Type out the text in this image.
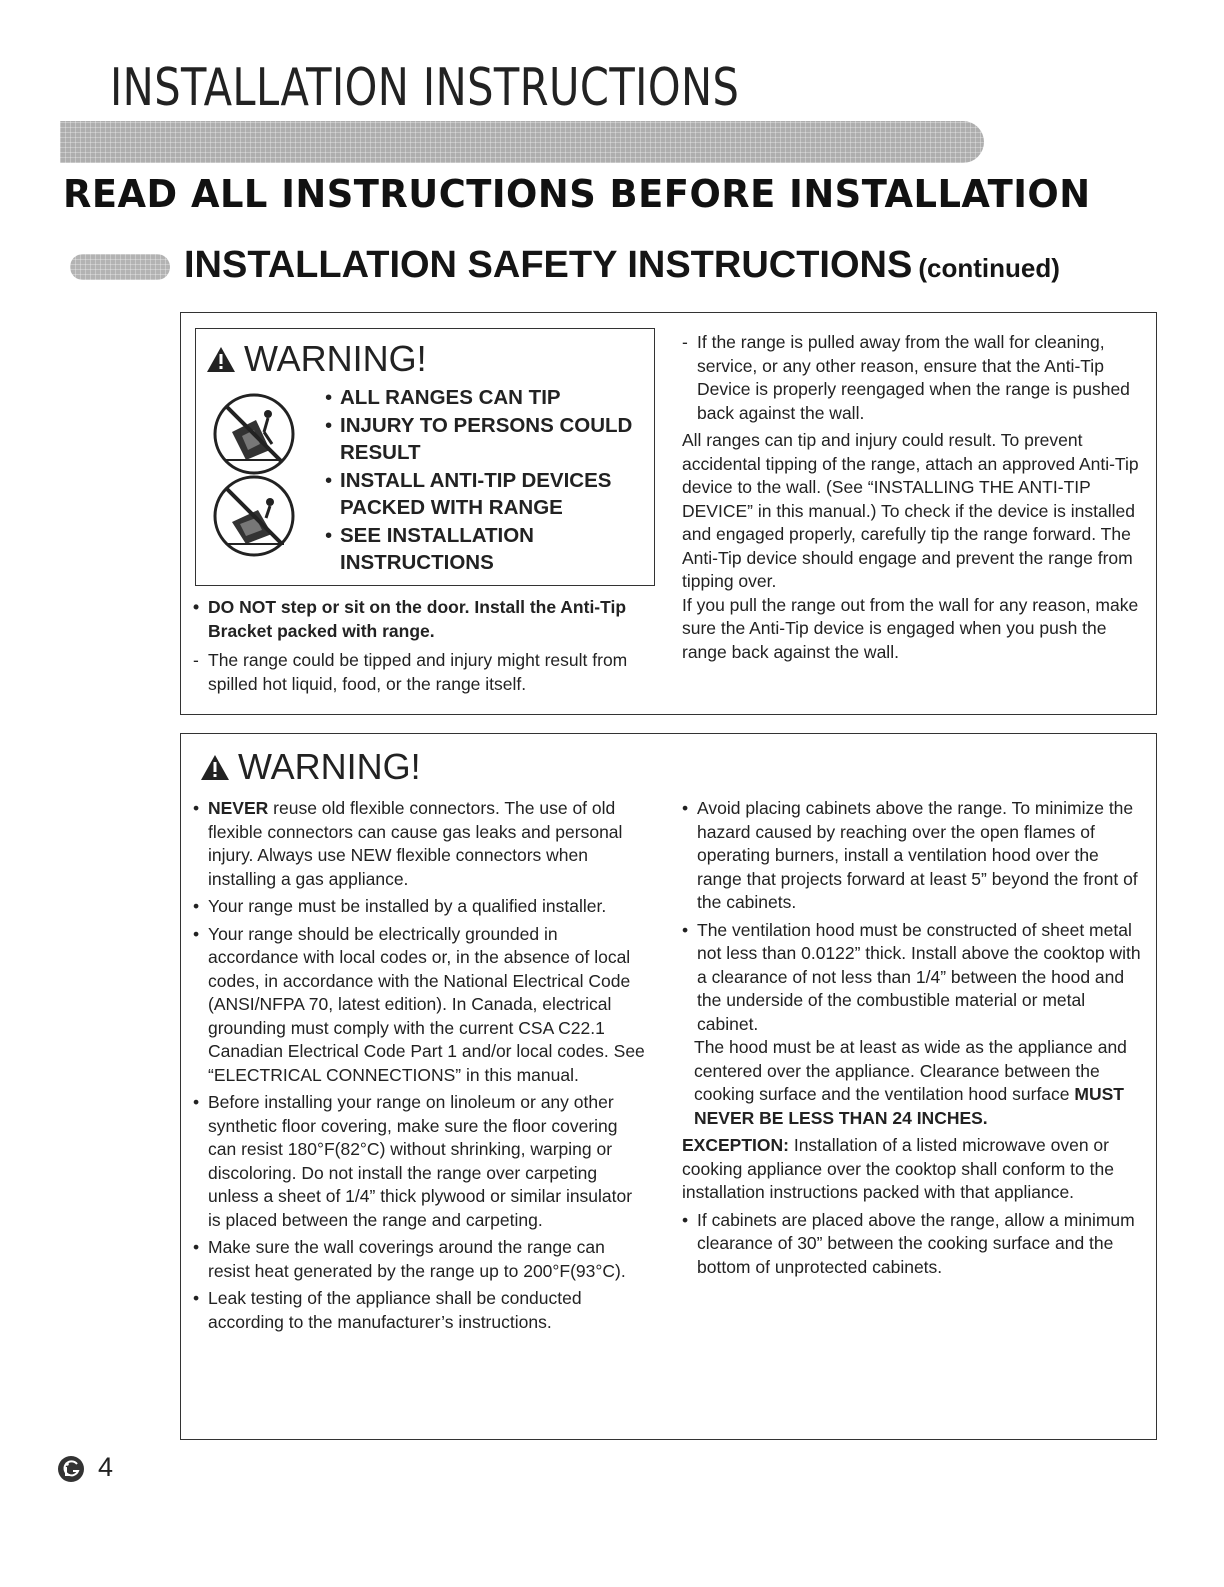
INSTALLATION INSTRUCTIONS
READ ALL INSTRUCTIONS BEFORE INSTALLATION
INSTALLATION SAFETY INSTRUCTIONS (continued)
WARNING!
• ALL RANGES CAN TIP
• INJURY TO PERSONS COULD RESULT
• INSTALL ANTI-TIP DEVICES PACKED WITH RANGE
• SEE INSTALLATION INSTRUCTIONS
• DO NOT step or sit on the door. Install the Anti-Tip Bracket packed with range.
- The range could be tipped and injury might result from spilled hot liquid, food, or the range itself.
- If the range is pulled away from the wall for cleaning, service, or any other reason, ensure that the Anti-Tip Device is properly reengaged when the range is pushed back against the wall.

All ranges can tip and injury could result. To prevent accidental tipping of the range, attach an approved Anti-Tip device to the wall. (See “INSTALLING THE ANTI-TIP DEVICE” in this manual.) To check if the device is installed and engaged properly, carefully tip the range forward. The Anti-Tip device should engage and prevent the range from tipping over.

If you pull the range out from the wall for any reason, make sure the Anti-Tip device is engaged when you push the range back against the wall.

WARNING!
• NEVER reuse old flexible connectors. The use of old flexible connectors can cause gas leaks and personal injury. Always use NEW flexible connectors when installing a gas appliance.
• Your range must be installed by a qualified installer.
• Your range should be electrically grounded in accordance with local codes or, in the absence of local codes, in accordance with the National Electrical Code (ANSI/NFPA 70, latest edition). In Canada, electrical grounding must comply with the current CSA C22.1 Canadian Electrical Code Part 1 and/or local codes. See “ELECTRICAL CONNECTIONS” in this manual.
• Before installing your range on linoleum or any other synthetic floor covering, make sure the floor covering can resist 180°F(82°C) without shrinking, warping or discoloring. Do not install the range over carpeting unless a sheet of 1/4” thick plywood or similar insulator is placed between the range and carpeting.
• Make sure the wall coverings around the range can resist heat generated by the range up to 200°F(93°C).
• Leak testing of the appliance shall be conducted according to the manufacturer’s instructions.
• Avoid placing cabinets above the range. To minimize the hazard caused by reaching over the open flames of operating burners, install a ventilation hood over the range that projects forward at least 5” beyond the front of the cabinets.
• The ventilation hood must be constructed of sheet metal not less than 0.0122” thick. Install above the cooktop with a clearance of not less than 1/4” between the hood and the underside of the combustible material or metal cabinet.
The hood must be at least as wide as the appliance and centered over the appliance. Clearance between the cooking surface and the ventilation hood surface MUST NEVER BE LESS THAN 24 INCHES.

EXCEPTION: Installation of a listed microwave oven or cooking appliance over the cooktop shall conform to the installation instructions packed with that appliance.

• If cabinets are placed above the range, allow a minimum clearance of 30” between the cooking surface and the bottom of unprotected cabinets.
4
